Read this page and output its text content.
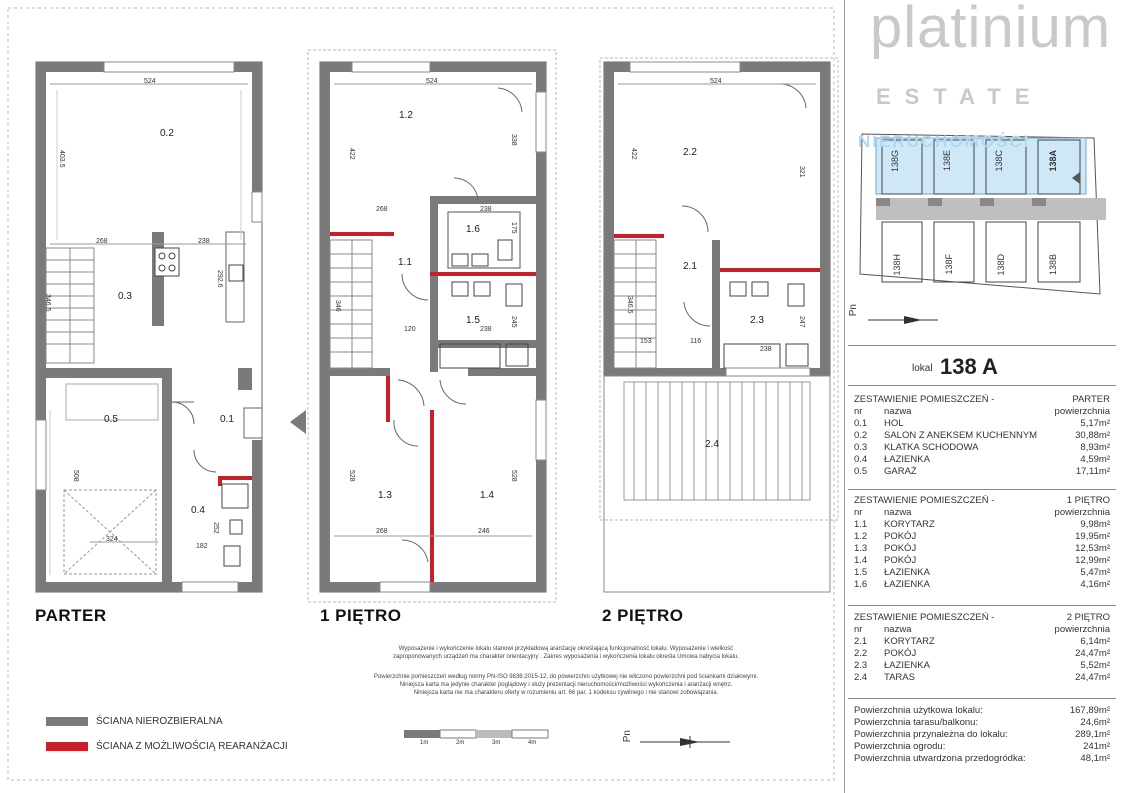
0.2
0.3
0.5	0.1
0.4
1.2
1.6
1.1
1.5
1.3	1.4
2.2
2.1
2.3
2.4
524
403.5
268	238
292.6
346.5
508
324
182
252
524
422
338
268	238
175
346
120	238
245
528	528
268	246
524
422
321
346.5
153	116
247
238
PARTER	1 PIĘTRO	2 PIĘTRO
Wyposażenie i wykończenie lokalu stanowi przykładową aranżację określającą funkcjonalność lokalu. Wyposażenie i wielkość
zaproponowanych urządzeń ma charakter orientacyjny . Zakres wyposażenia i wykończenia lokalu określa Umowa nabycia lokalu.
Powierzchnie pomieszczeń według normy PN-ISO 9836:2015-12, do powierzchni użytkowej nie wliczono powierzchni pod ściankami działowymi.
Niniejsza karta ma jedynie charakter poglądowy i służy prezentacji nieruchomości/możliwości wykończenia i aranżacji wnętrz.
Niniejsza karta nie ma charakteru oferty w rozumieniu art. 66 par. 1 kodeksu cywilnego i nie stanowi zobowiązania.
ŚCIANA NIEROZBIERALNA
ŚCIANA Z MOŻLIWOŚCIĄ REARANŻACJI	1m	2m	3m	4m
Pn
platinium
ESTATE
NIERUCHOMOŚCI
138G	138E	138C	138A
138H	138F	138D	138B
Pn
lokal 138 A
ZESTAWIENIE POMIESZCZEŃ -	PARTER
nr nazwa	powierzchnia
0.1 HOL	5,17m²
0.2 SALON Z ANEKSEM KUCHENNYM	30,88m²
0.3 KLATKA SCHODOWA	8,93m²
0.4 ŁAZIENKA	4,59m²
0.5 GARAŻ	17,11m²
ZESTAWIENIE POMIESZCZEŃ -	1 PIĘTRO
nr nazwa	powierzchnia
1.1 KORYTARZ	9,98m²
1.2 POKÓJ	19,95m²
1.3 POKÓJ	12,53m²
1.4 POKÓJ	12,99m²
1.5 ŁAZIENKA	5,47m²
1.6 ŁAZIENKA	4,16m²
ZESTAWIENIE POMIESZCZEŃ -	2 PIĘTRO
nr nazwa	powierzchnia
2.1 KORYTARZ	6,14m²
2.2 POKÓJ	24,47m²
2.3 ŁAZIENKA	5,52m²
2.4 TARAS	24,47m²
Powierzchnia użytkowa lokalu:	167,89m²
Powierzchnia tarasu/balkonu:	24,6m²
Powierzchnia przynależna do lokalu:	289,1m²
Powierzchnia ogrodu:	241m²
Powierzchnia utwardzona przedogródka:	48,1m²
